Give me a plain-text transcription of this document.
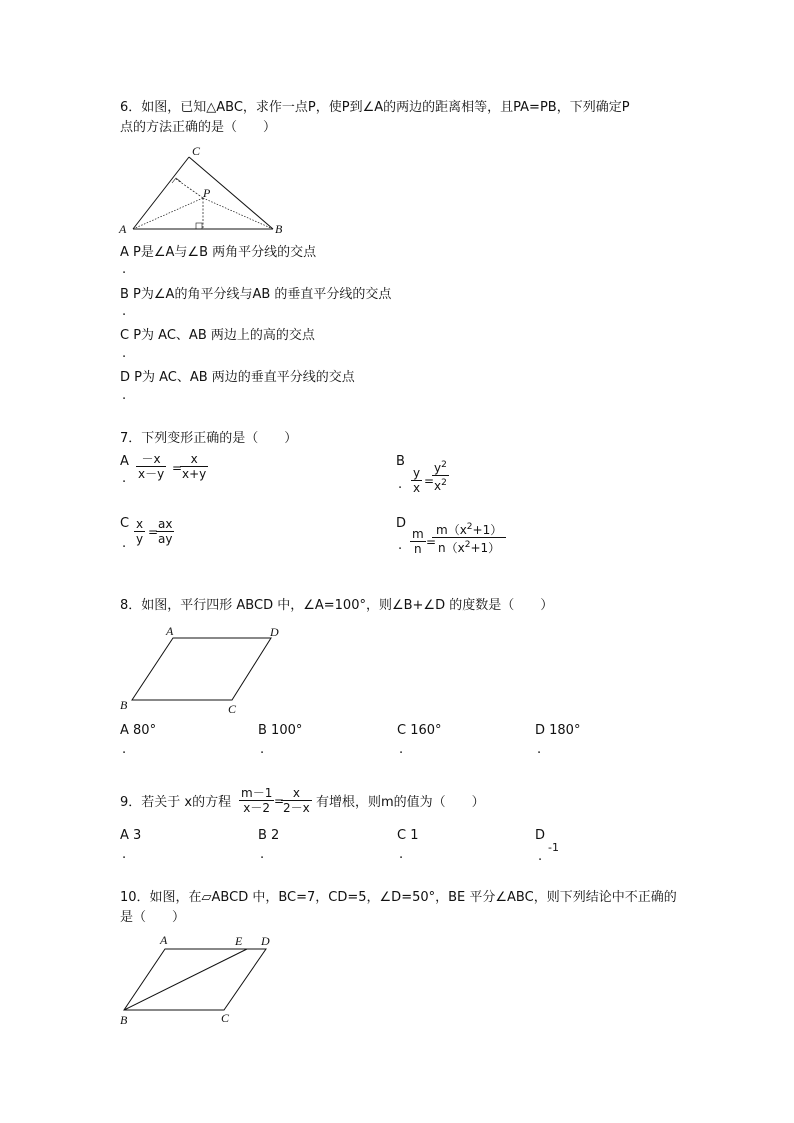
6．如图，已知△ABC，求作一点P，使P到∠A的两边的距离相等，且PA=PB，下列确定P
点的方法正确的是（　　）
A	B
C
P
A P是∠A与∠B 两角平分线的交点
.
B P为∠A的角平分线与AB 的垂直平分线的交点
.
C P为 AC、AB 两边上的高的交点
.
D P为 AC、AB 两边的垂直平分线的交点
.
7．下列变形正确的是（　　）
A
. $\frac{-x}{x-y}$ =
$\frac{x}{x+y}$	B
. $\frac{y}{x}$ =
$\frac{y^2}{x^2}$
C
. $\frac{x}{y}$ =
$\frac{ax}{ay}$	D
. $\frac{m}{n}$ =
$\frac{m(x^2+1)}{n(x^2+1)}$
8．如图，平行四形 ABCD 中，∠A=100°，则∠B+∠D 的度数是（　　）
A	D
B	C
A 80°
.
B 100°
.
C 160°
.
D 180°
.
9．若关于 x的方程 $\frac{m-1}{x-2}$ =
$\frac{x}{2-x}$ 有增根，则m的值为（　　）
A 3
.
B 2
.
C 1
.
D
.
-1
10．如图，在▱ABCD 中，BC=7，CD=5，∠D=50°，BE 平分∠ABC，则下列结论中不正确的
是（　　）
A	E D
B	C
